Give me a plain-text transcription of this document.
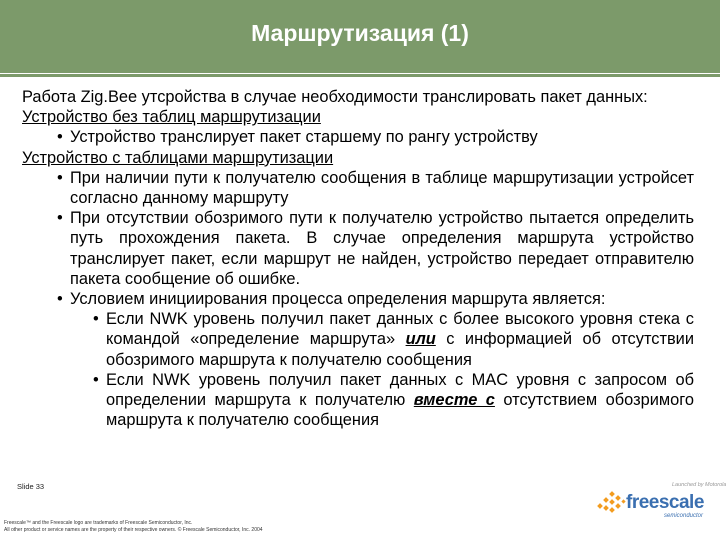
Маршрутизация (1)
Работа Zig.Bee утсройства в случае необходимости транслировать пакет данных:
Устройство без таблиц маршрутизации
• Устройство транслирует пакет старшему по рангу устройству
Устройство с таблицами маршрутизации
• При наличии пути к получателю сообщения в таблице маршрутизации устройсет согласно данному маршруту
• При отсутствии обозримого пути к получателю устройство пытается определить путь прохождения пакета. В случае определения маршрута устройство транслирует пакет, если маршрут не найден, устройство передает отправителю пакета сообщение об ошибке.
• Условием инициирования процесса определения маршрута является:
• Если NWK уровень получил пакет данных с более высокого уровня стека с командой «определение маршрута» или с информацией об отсутствии обозримого маршрута к получателю сообщения
• Если NWK уровень получил пакет данных с MAC уровня с запросом об определении маршрута к получателю вместе с отсутствием обозримого маршрута к получателю сообщения
Slide 33
Freescale™ and the Freescale logo are trademarks of Freescale Semiconductor, Inc.
All other product or service names are the property of their respective owners. © Freescale Semiconductor, Inc. 2004
Launched by Motorola
freescale
semiconductor
